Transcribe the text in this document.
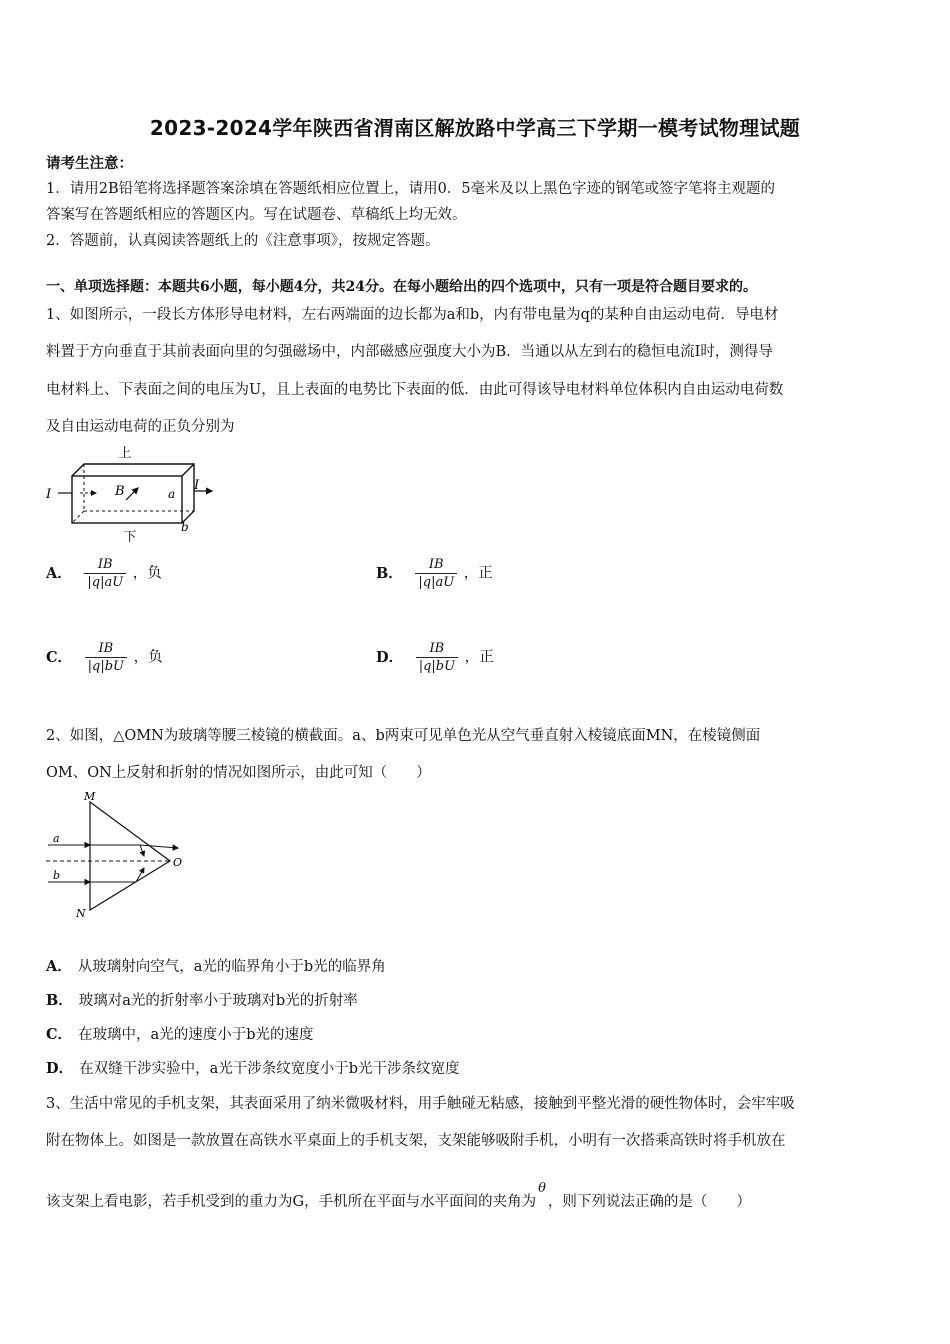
2023-2024学年陕西省渭南区解放路中学高三下学期一模考试物理试题
请考生注意：
1．请用2B铅笔将选择题答案涂填在答题纸相应位置上，请用0．5毫米及以上黑色字迹的钢笔或签字笔将主观题的
答案写在答题纸相应的答题区内。写在试题卷、草稿纸上均无效。
2．答题前，认真阅读答题纸上的《注意事项》，按规定答题。
一、单项选择题：本题共6小题，每小题4分，共24分。在每小题给出的四个选项中，只有一项是符合题目要求的。
1、如图所示，一段长方体形导电材料，左右两端面的边长都为a和b，内有带电量为q的某种自由运动电荷．导电材
料置于方向垂直于其前表面向里的匀强磁场中，内部磁感应强度大小为B．当通以从左到右的稳恒电流I时，测得导
电材料上、下表面之间的电压为U，且上表面的电势比下表面的低．由此可得该导电材料单位体积内自由运动电荷数
及自由运动电荷的正负分别为
上
下
I
I
B	a
b
A． $\frac{IB}{|q|aU}$ ，负	B． $\frac{IB}{|q|aU}$ ，正
C． $\frac{IB}{|q|bU}$ ，负	D． $\frac{IB}{|q|bU}$ ，正
2、如图，△OMN为玻璃等腰三棱镜的横截面。a、b两束可见单色光从空气垂直射入棱镜底面MN，在棱镜侧面
OM、ON上反射和折射的情况如图所示，由此可知（　　）
M
N
O
a
b
A． 从玻璃射向空气，a光的临界角小于b光的临界角
B． 玻璃对a光的折射率小于玻璃对b光的折射率
C． 在玻璃中，a光的速度小于b光的速度
D． 在双缝干涉实验中，a光干涉条纹宽度小于b光干涉条纹宽度
3、生活中常见的手机支架，其表面采用了纳米微吸材料，用手触碰无粘感，接触到平整光滑的硬性物体时，会牢牢吸
附在物体上。如图是一款放置在高铁水平桌面上的手机支架，支架能够吸附手机，小明有一次搭乘高铁时将手机放在
该支架上看电影，若手机受到的重力为G，手机所在平面与水平面间的夹角为θ，则下列说法正确的是（　　）
